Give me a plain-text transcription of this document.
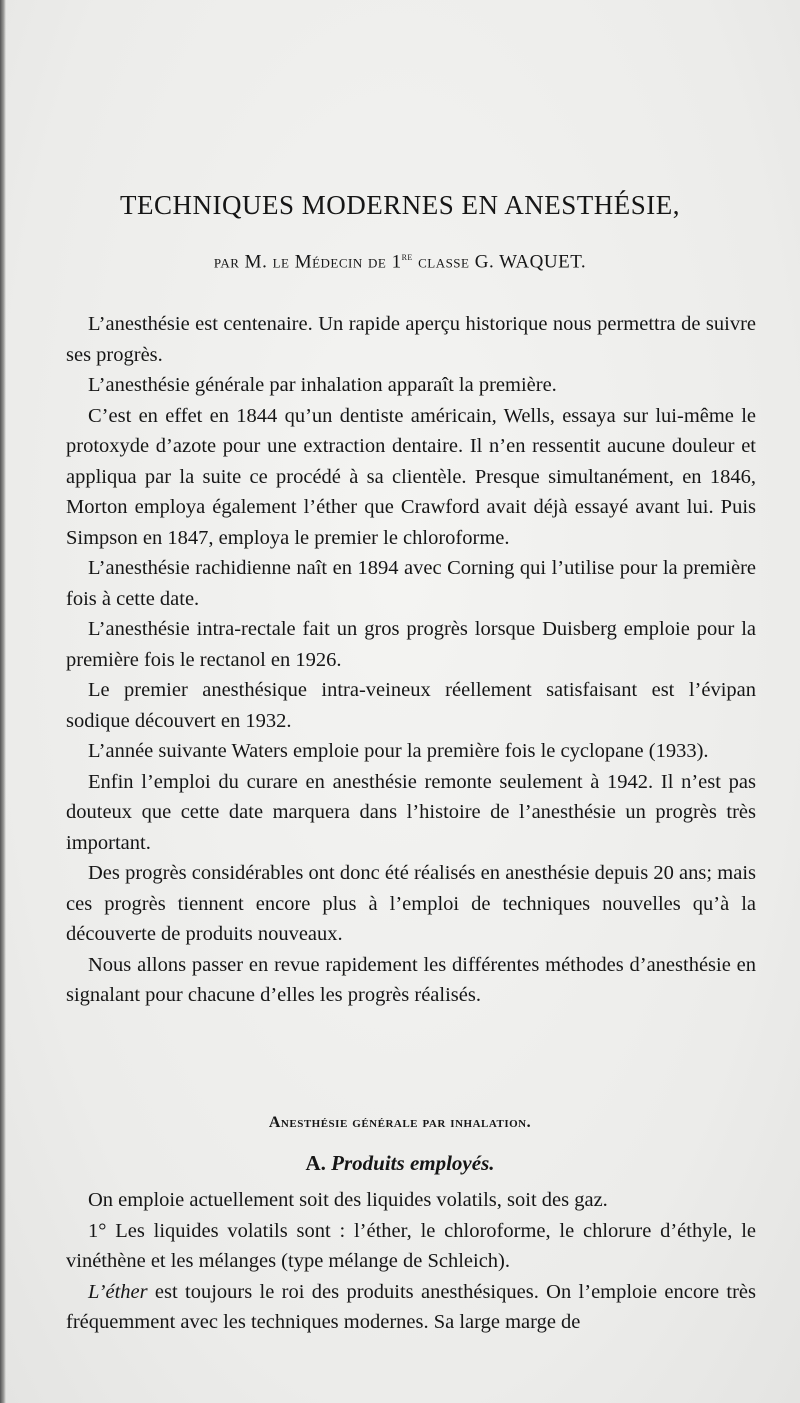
TECHNIQUES MODERNES EN ANESTHÉSIE,

par M. le Médecin de 1re classe G. WAQUET.

L’anesthésie est centenaire. Un rapide aperçu historique nous permettra de suivre ses progrès.

L’anesthésie générale par inhalation apparaît la première.

C’est en effet en 1844 qu’un dentiste américain, Wells, essaya sur lui-même le protoxyde d’azote pour une extraction dentaire. Il n’en ressentit aucune douleur et appliqua par la suite ce procédé à sa clientèle. Presque simultanément, en 1846, Morton employa également l’éther que Crawford avait déjà essayé avant lui. Puis Simpson en 1847, employa le premier le chloroforme.

L’anesthésie rachidienne naît en 1894 avec Corning qui l’utilise pour la première fois à cette date.

L’anesthésie intra-rectale fait un gros progrès lorsque Duisberg emploie pour la première fois le rectanol en 1926.

Le premier anesthésique intra-veineux réellement satisfaisant est l’évipan sodique découvert en 1932.

L’année suivante Waters emploie pour la première fois le cyclopane (1933).

Enfin l’emploi du curare en anesthésie remonte seulement à 1942. Il n’est pas douteux que cette date marquera dans l’histoire de l’anesthésie un progrès très important.

Des progrès considérables ont donc été réalisés en anesthésie depuis 20 ans; mais ces progrès tiennent encore plus à l’emploi de techniques nouvelles qu’à la découverte de produits nouveaux.

Nous allons passer en revue rapidement les différentes méthodes d’anesthésie en signalant pour chacune d’elles les progrès réalisés.

Anesthésie générale par inhalation.
A. Produits employés.

On emploie actuellement soit des liquides volatils, soit des gaz.

1° Les liquides volatils sont : l’éther, le chloroforme, le chlorure d’éthyle, le vinéthène et les mélanges (type mélange de Schleich).

L’éther est toujours le roi des produits anesthésiques. On l’emploie encore très fréquemment avec les techniques modernes. Sa large marge de
